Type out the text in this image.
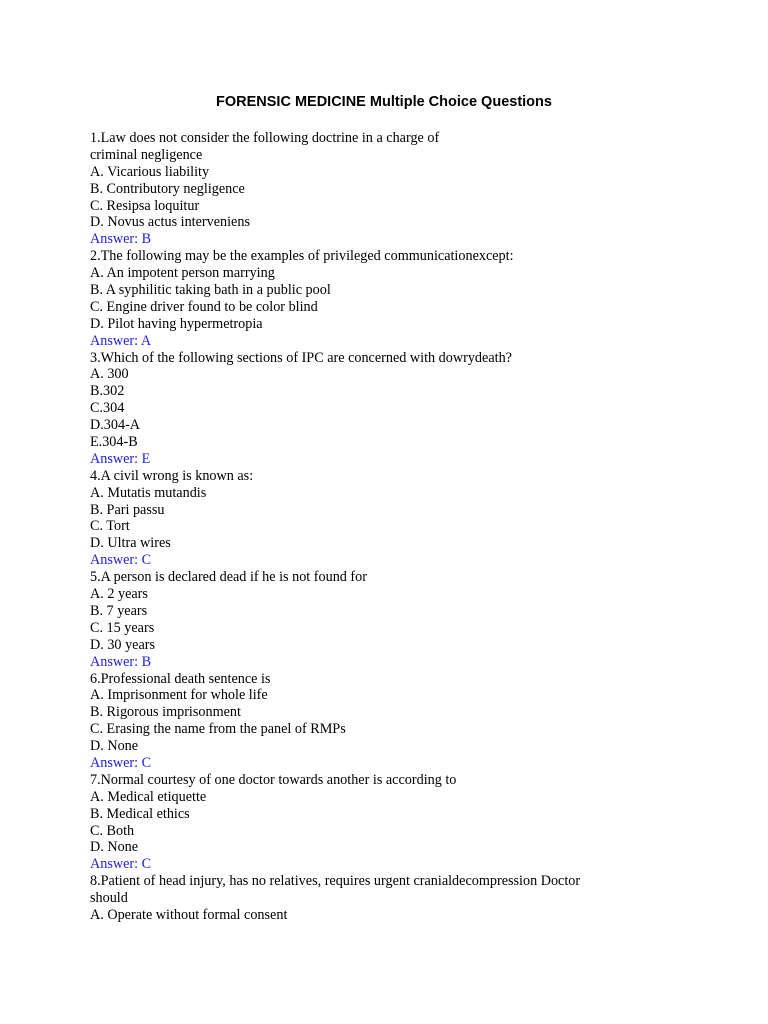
FORENSIC MEDICINE Multiple Choice Questions
1.Law does not consider the following doctrine in a charge of
criminal negligence
A. Vicarious liability
B. Contributory negligence
C. Resipsa loquitur
D. Novus actus interveniens
Answer: B
2.The following may be the examples of privileged communicationexcept:
A. An impotent person marrying
B. A syphilitic taking bath in a public pool
C. Engine driver found to be color blind
D. Pilot having hypermetropia
Answer: A
3.Which of the following sections of IPC are concerned with dowrydeath?
A. 300
B.302
C.304
D.304-A
E.304-B
Answer: E
4.A civil wrong is known as:
A. Mutatis mutandis
B. Pari passu
C. Tort
D. Ultra wires
Answer: C
5.A person is declared dead if he is not found for
A. 2 years
B. 7 years
C. 15 years
D. 30 years
Answer: B
6.Professional death sentence is
A. Imprisonment for whole life
B. Rigorous imprisonment
C. Erasing the name from the panel of RMPs
D. None
Answer: C
7.Normal courtesy of one doctor towards another is according to
A. Medical etiquette
B. Medical ethics
C. Both
D. None
Answer: C
8.Patient of head injury, has no relatives, requires urgent cranialdecompression Doctor
should
A. Operate without formal consent
